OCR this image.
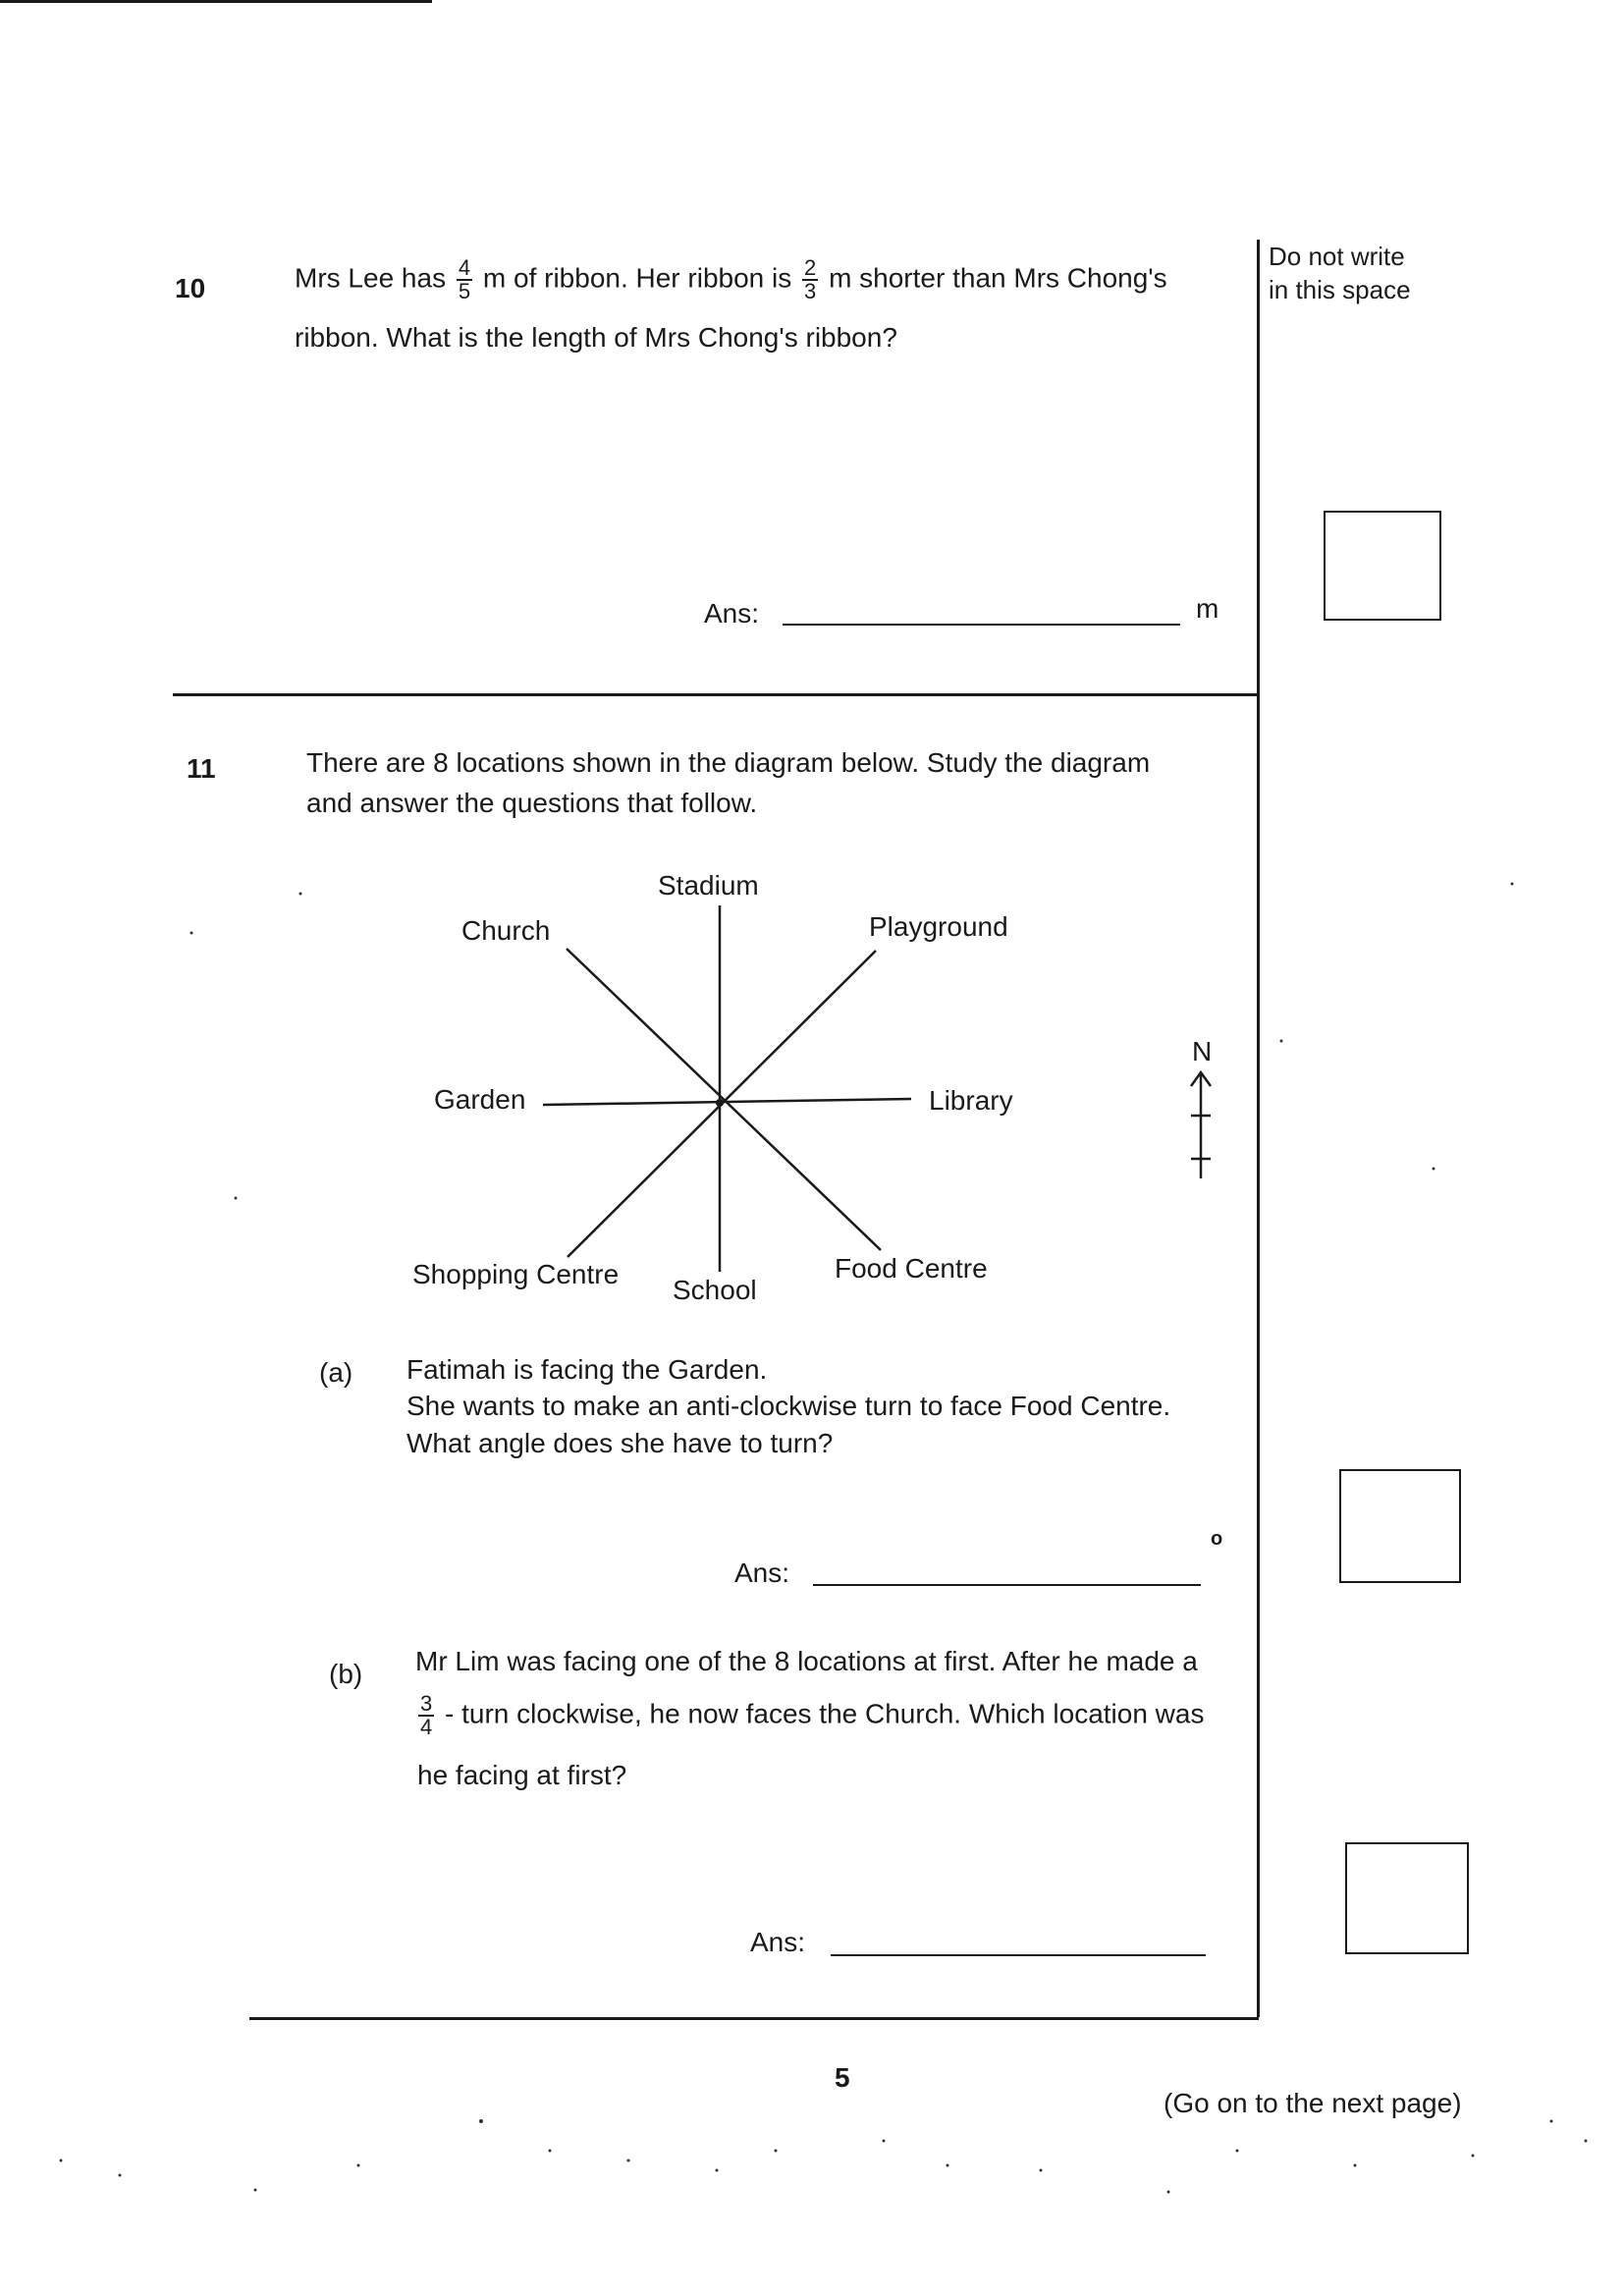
Do not write
in this space
10	Mrs Lee has $\frac{4}{5}$ m of ribbon. Her ribbon is $\frac{2}{3}$ m shorter than Mrs Chong's
ribbon. What is the length of Mrs Chong's ribbon?
Ans:	m
11	There are 8 locations shown in the diagram below. Study the diagram
and answer the questions that follow.
Stadium
Church	Playground
Garden	Library
Shopping Centre
School
Food Centre
N
(a) Fatimah is facing the Garden.
She wants to make an anti-clockwise turn to face Food Centre.
What angle does she have to turn?
Ans:
o
(b) Mr Lim was facing one of the 8 locations at first. After he made a
$\frac{3}{4}$ - turn clockwise, he now faces the Church. Which location was
he facing at first?
Ans:
5
(Go on to the next page)
